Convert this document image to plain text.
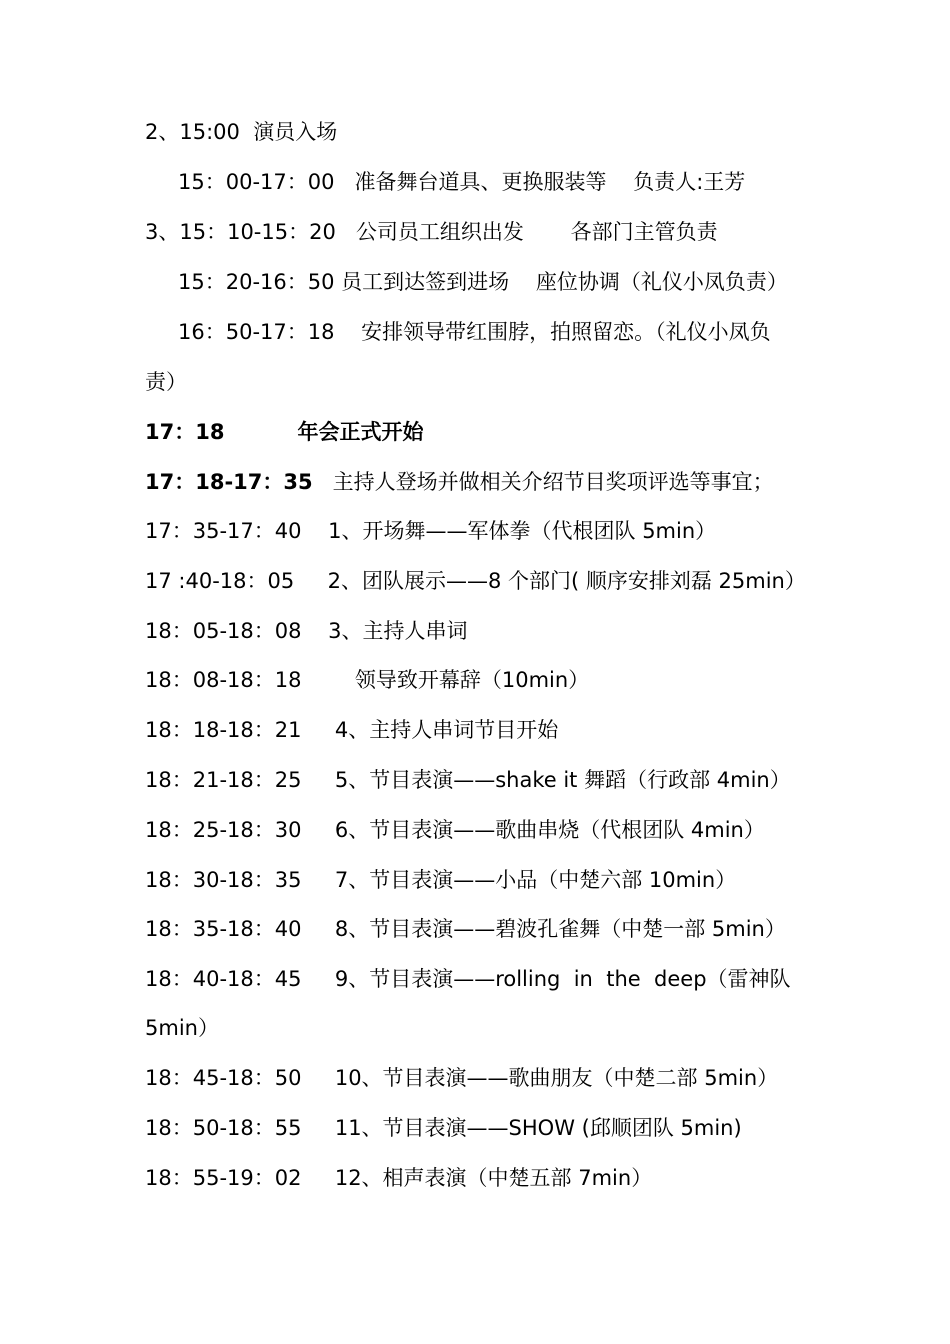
2、15:00  演员入场
15：00-17：00   准备舞台道具、更换服装等    负责人:王芳
3、15：10-15：20   公司员工组织出发       各部门主管负责
15：20-16：50 员工到达签到进场    座位协调（礼仪小凤负责）
16：50-17：18    安排领导带红围脖，拍照留恋。（礼仪小凤负
责）
17：18          年会正式开始
17：18-17：35   主持人登场并做相关介绍节目奖项评选等事宜；
17：35-17：40    1、开场舞——军体拳（代根团队 5min）
17 :40-18：05     2、团队展示——8 个部门( 顺序安排刘磊 25min）
18：05-18：08    3、主持人串词
18：08-18：18        领导致开幕辞（10min）
18：18-18：21     4、主持人串词节目开始
18：21-18：25     5、节目表演——shake it 舞蹈（行政部 4min）
18：25-18：30     6、节目表演——歌曲串烧（代根团队 4min）
18：30-18：35     7、节目表演——小品（中楚六部 10min）
18：35-18：40     8、节目表演——碧波孔雀舞（中楚一部 5min）
18：40-18：45     9、节目表演——rolling  in  the  deep（雷神队
5min）
18：45-18：50     10、节目表演——歌曲朋友（中楚二部 5min）
18：50-18：55     11、节目表演——SHOW (邱顺团队 5min)
18：55-19：02     12、相声表演（中楚五部 7min）
